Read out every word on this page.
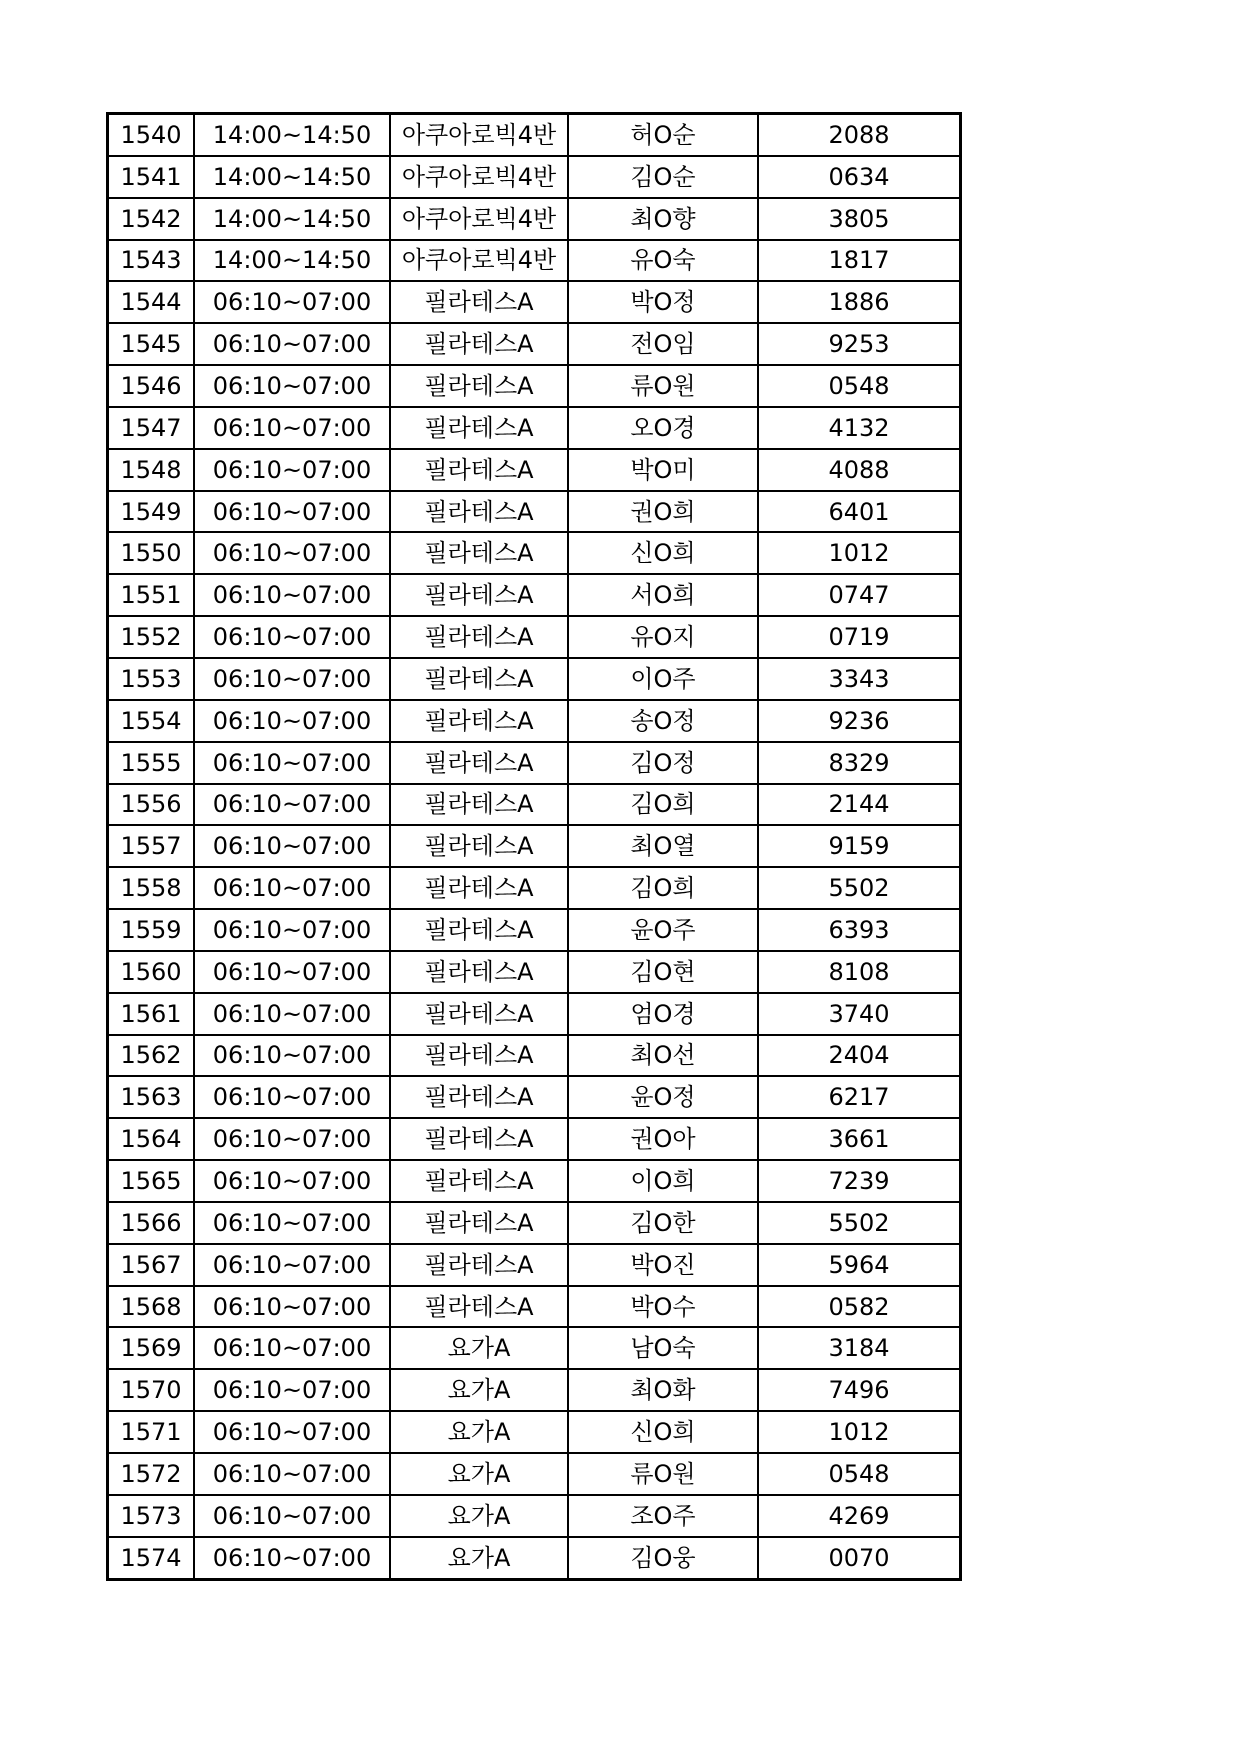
1540	14:00~14:50	아쿠아로빅4반	허O순	2088
1541	14:00~14:50	아쿠아로빅4반	김O순	0634
1542	14:00~14:50	아쿠아로빅4반	최O향	3805
1543	14:00~14:50	아쿠아로빅4반	유O숙	1817
1544	06:10~07:00	필라테스A	박O정	1886
1545	06:10~07:00	필라테스A	전O임	9253
1546	06:10~07:00	필라테스A	류O원	0548
1547	06:10~07:00	필라테스A	오O경	4132
1548	06:10~07:00	필라테스A	박O미	4088
1549	06:10~07:00	필라테스A	권O희	6401
1550	06:10~07:00	필라테스A	신O희	1012
1551	06:10~07:00	필라테스A	서O희	0747
1552	06:10~07:00	필라테스A	유O지	0719
1553	06:10~07:00	필라테스A	이O주	3343
1554	06:10~07:00	필라테스A	송O정	9236
1555	06:10~07:00	필라테스A	김O정	8329
1556	06:10~07:00	필라테스A	김O희	2144
1557	06:10~07:00	필라테스A	최O열	9159
1558	06:10~07:00	필라테스A	김O희	5502
1559	06:10~07:00	필라테스A	윤O주	6393
1560	06:10~07:00	필라테스A	김O현	8108
1561	06:10~07:00	필라테스A	엄O경	3740
1562	06:10~07:00	필라테스A	최O선	2404
1563	06:10~07:00	필라테스A	윤O정	6217
1564	06:10~07:00	필라테스A	권O아	3661
1565	06:10~07:00	필라테스A	이O희	7239
1566	06:10~07:00	필라테스A	김O한	5502
1567	06:10~07:00	필라테스A	박O진	5964
1568	06:10~07:00	필라테스A	박O수	0582
1569	06:10~07:00	요가A	남O숙	3184
1570	06:10~07:00	요가A	최O화	7496
1571	06:10~07:00	요가A	신O희	1012
1572	06:10~07:00	요가A	류O원	0548
1573	06:10~07:00	요가A	조O주	4269
1574	06:10~07:00	요가A	김O웅	0070
